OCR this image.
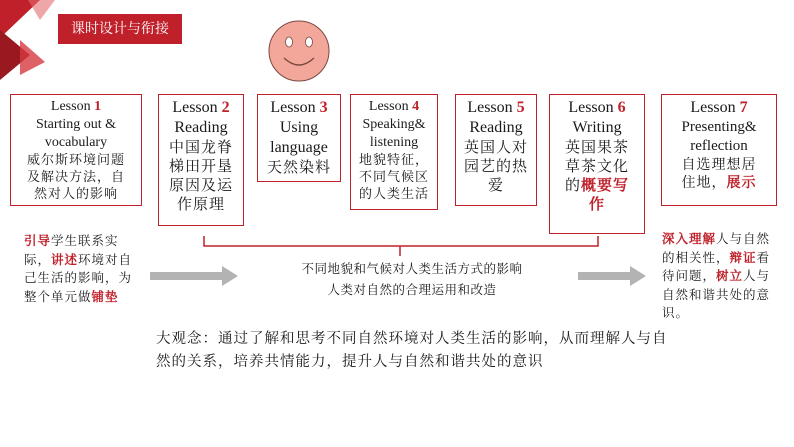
课时设计与衔接
Lesson 1
Starting out &
vocabulary
威尔斯环境问题
及解决方法，自
然对人的影响
Lesson 2
Reading
中国龙脊
梯田开垦
原因及运
作原理
Lesson 3
Using
language
天然染料
Lesson 4
Speaking&
listening
地貌特征，
不同气候区
的人类生活
Lesson 5
Reading
英国人对
园艺的热
爱
Lesson 6
Writing
英国果茶
草茶文化
的概要写
作
Lesson 7
Presenting&
reflection
自选理想居
住地，展示
引导学生联系实际，讲述环境对自己生活的影响，为整个单元做铺垫
深入理解人与自然的相关性，辩证看待问题，树立人与自然和谐共处的意识。
不同地貌和气候对人类生活方式的影响
人类对自然的合理运用和改造
大观念：通过了解和思考不同自然环境对人类生活的影响，从而理解人与自然的关系，培养共情能力，提升人与自然和谐共处的意识
